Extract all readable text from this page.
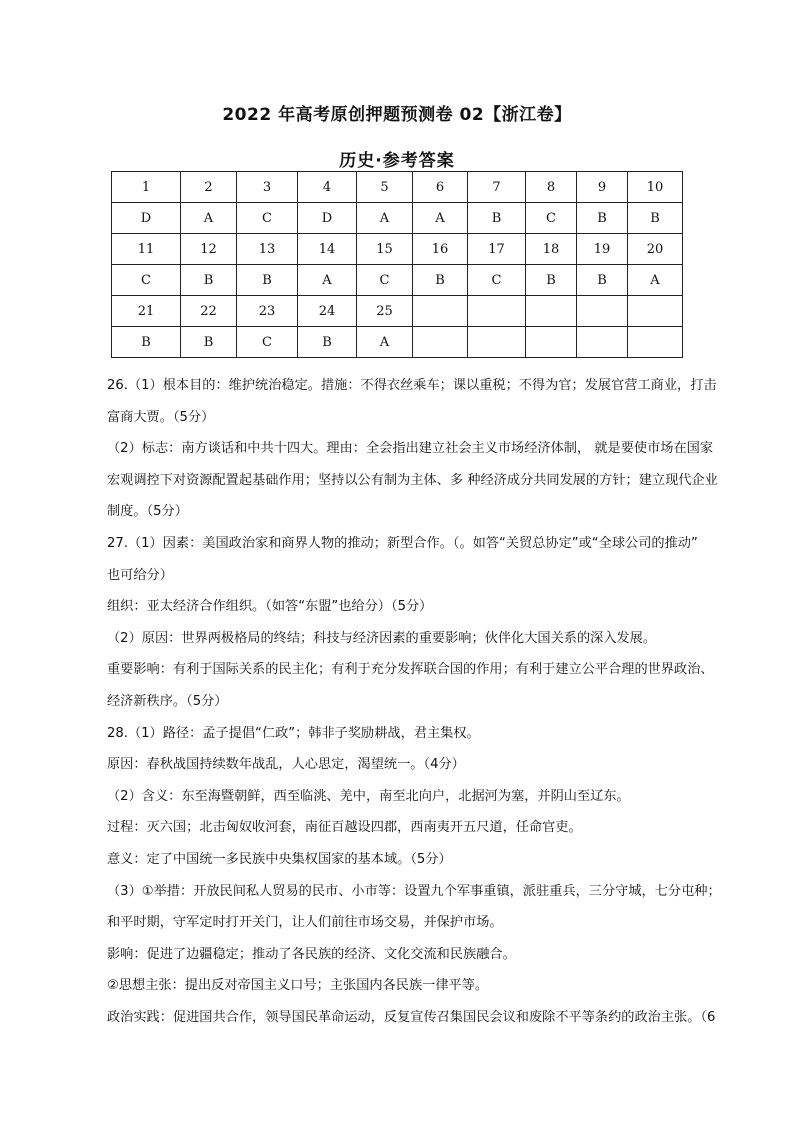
2022 年高考原创押题预测卷 02【浙江卷】
历史·参考答案
1	2	3	4	5	6	7	8	9	10
D	A	C	D	A	A	B	C	B	B
11	12	13	14	15	16	17	18	19	20
C	B	B	A	C	B	C	B	B	A
21	22	23	24	25					
B	B	C	B	A					

26.（1）根本目的：维护统治稳定。措施：不得衣丝乘车；课以重税；不得为官；发展官营工商业，打击

富商大贾。（5分）

（2）标志：南方谈话和中共十四大。理由：全会指出建立社会主义市场经济体制， 就是要使市场在国家

宏观调控下对资源配置起基础作用；坚持以公有制为主体、多 种经济成分共同发展的方针；建立现代企业

制度。（5分）

27.（1）因素：美国政治家和商界人物的推动；新型合作。（。如答“关贸总协定”或“全球公司的推动”

也可给分）

组织：亚太经济合作组织。（如答“东盟”也给分）（5分）

（2）原因：世界两极格局的终结；科技与经济因素的重要影响；伙伴化大国关系的深入发展。

重要影响：有利于国际关系的民主化；有利于充分发挥联合国的作用；有利于建立公平合理的世界政治、

经济新秩序。（5分）

28.（1）路径：孟子提倡“仁政”；韩非子奖励耕战，君主集权。

原因：春秋战国持续数年战乱，人心思定，渴望统一。（4分）

（2）含义：东至海暨朝鲜，西至临洮、羌中，南至北向户，北据河为塞，并阴山至辽东。

过程：灭六国；北击匈奴收河套，南征百越设四郡，西南夷开五尺道，任命官吏。

意义：定了中国统一多民族中央集权国家的基本域。（5分）

（3）①举措：开放民间私人贸易的民市、小市等：设置九个军事重镇，派驻重兵，三分守城，七分屯种；

和平时期，守军定时打开关门，让人们前往市场交易，并保护市场。

影响：促进了边疆稳定；推动了各民族的经济、文化交流和民族融合。

②思想主张：提出反对帝国主义口号；主张国内各民族一律平等。

政治实践：促进国共合作，领导国民革命运动，反复宣传召集国民会议和废除不平等条约的政治主张。（6
